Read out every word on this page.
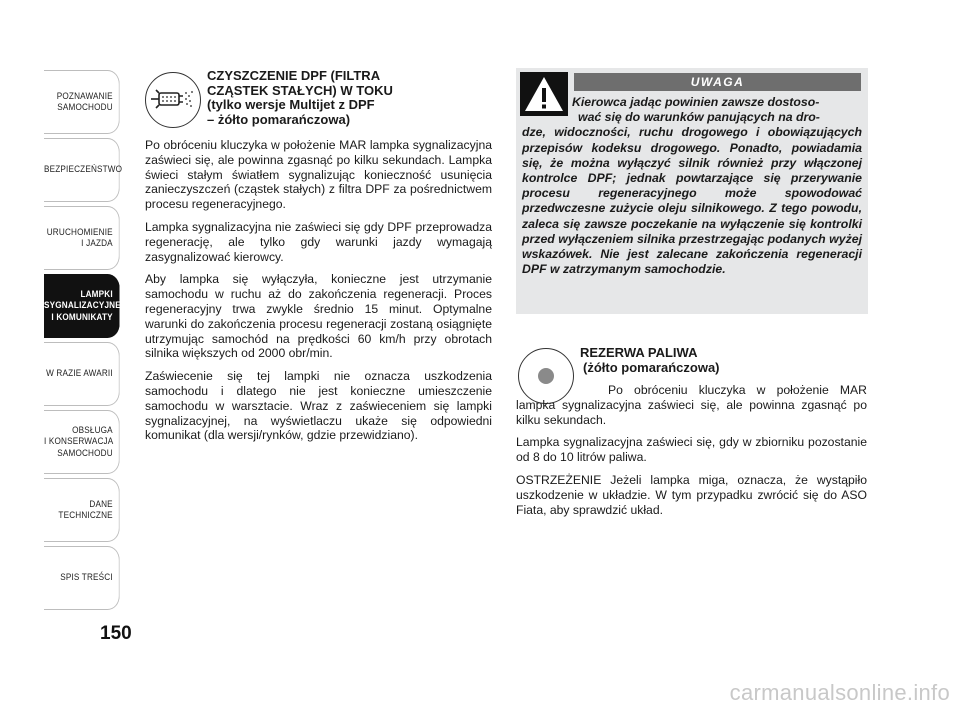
POZNAWANIE
SAMOCHODU
BEZPIECZEŃSTWO
URUCHOMIENIE
I JAZDA
LAMPKI
SYGNALIZACYJNE
I KOMUNIKATY
W RAZIE AWARII
OBSŁUGA
I KONSERWACJA
SAMOCHODU
DANE
TECHNICZNE
SPIS TREŚCI
150
CZYSZCZENIE DPF (FILTRA
CZĄSTEK STAŁYCH) W TOKU
(tylko wersje Multijet z DPF
– żółto pomarańczowa)

Po obróceniu kluczyka w położenie MAR lampka sygnalizacyjna zaświeci się, ale powinna zgasnąć po kilku sekundach. Lampka świeci stałym światłem sygnalizując konieczność usunięcia zanieczyszczeń (cząstek stałych) z filtra DPF za pośrednictwem procesu regeneracyjnego.

Lampka sygnalizacyjna nie zaświeci się gdy DPF przeprowadza regenerację, ale tylko gdy warunki jazdy wymagają zasygnalizować kierowcy.

Aby lampka się wyłączyła, konieczne jest utrzymanie samochodu w ruchu aż do zakończenia regeneracji. Proces regeneracyjny trwa zwykle średnio 15 minut. Optymalne warunki do zakończenia procesu regeneracji zostaną osiągnięte utrzymując samochód na prędkości 60 km/h przy obrotach silnika większych od 2000 obr/min.

Zaświecenie się tej lampki nie oznacza uszkodzenia samochodu i dlatego nie jest konieczne umieszczenie samochodu w warsztacie. Wraz z zaświeceniem się lampki sygnalizacyjnej, na wyświetlaczu ukaże się odpowiedni komunikat (dla wersji/rynków, gdzie przewidziano).

UWAGA
Kierowca jadąc powinien zawsze dostoso-
wać się do warunków panujących na dro-
dze, widoczności, ruchu drogowego i obowiązujących przepisów kodeksu drogowego. Ponadto, powiadamia się, że można wyłączyć silnik również przy włączonej kontrolce DPF; jednak powtarzające się przerywanie procesu regeneracyjnego może spowodować przedwczesne zużycie oleju silnikowego. Z tego powodu, zaleca się zawsze poczekanie na wyłączenie się kontrolki przed wyłączeniem silnika przestrzegając podanych wyżej wskazówek. Nie jest zalecane zakończenia regeneracji DPF w zatrzymanym samochodzie.
REZERWA PALIWA
(żółto pomarańczowa)

Po obróceniu kluczyka w położenie MAR lampka sygnalizacyjna zaświeci się, ale powinna zgasnąć po kilku sekundach.

Lampka sygnalizacyjna zaświeci się, gdy w zbiorniku pozostanie od 8 do 10 litrów paliwa.

OSTRZEŻENIE Jeżeli lampka miga, oznacza, że wystąpiło uszkodzenie w układzie. W tym przypadku zwrócić się do ASO Fiata, aby sprawdzić układ.

carmanualsonline.info
